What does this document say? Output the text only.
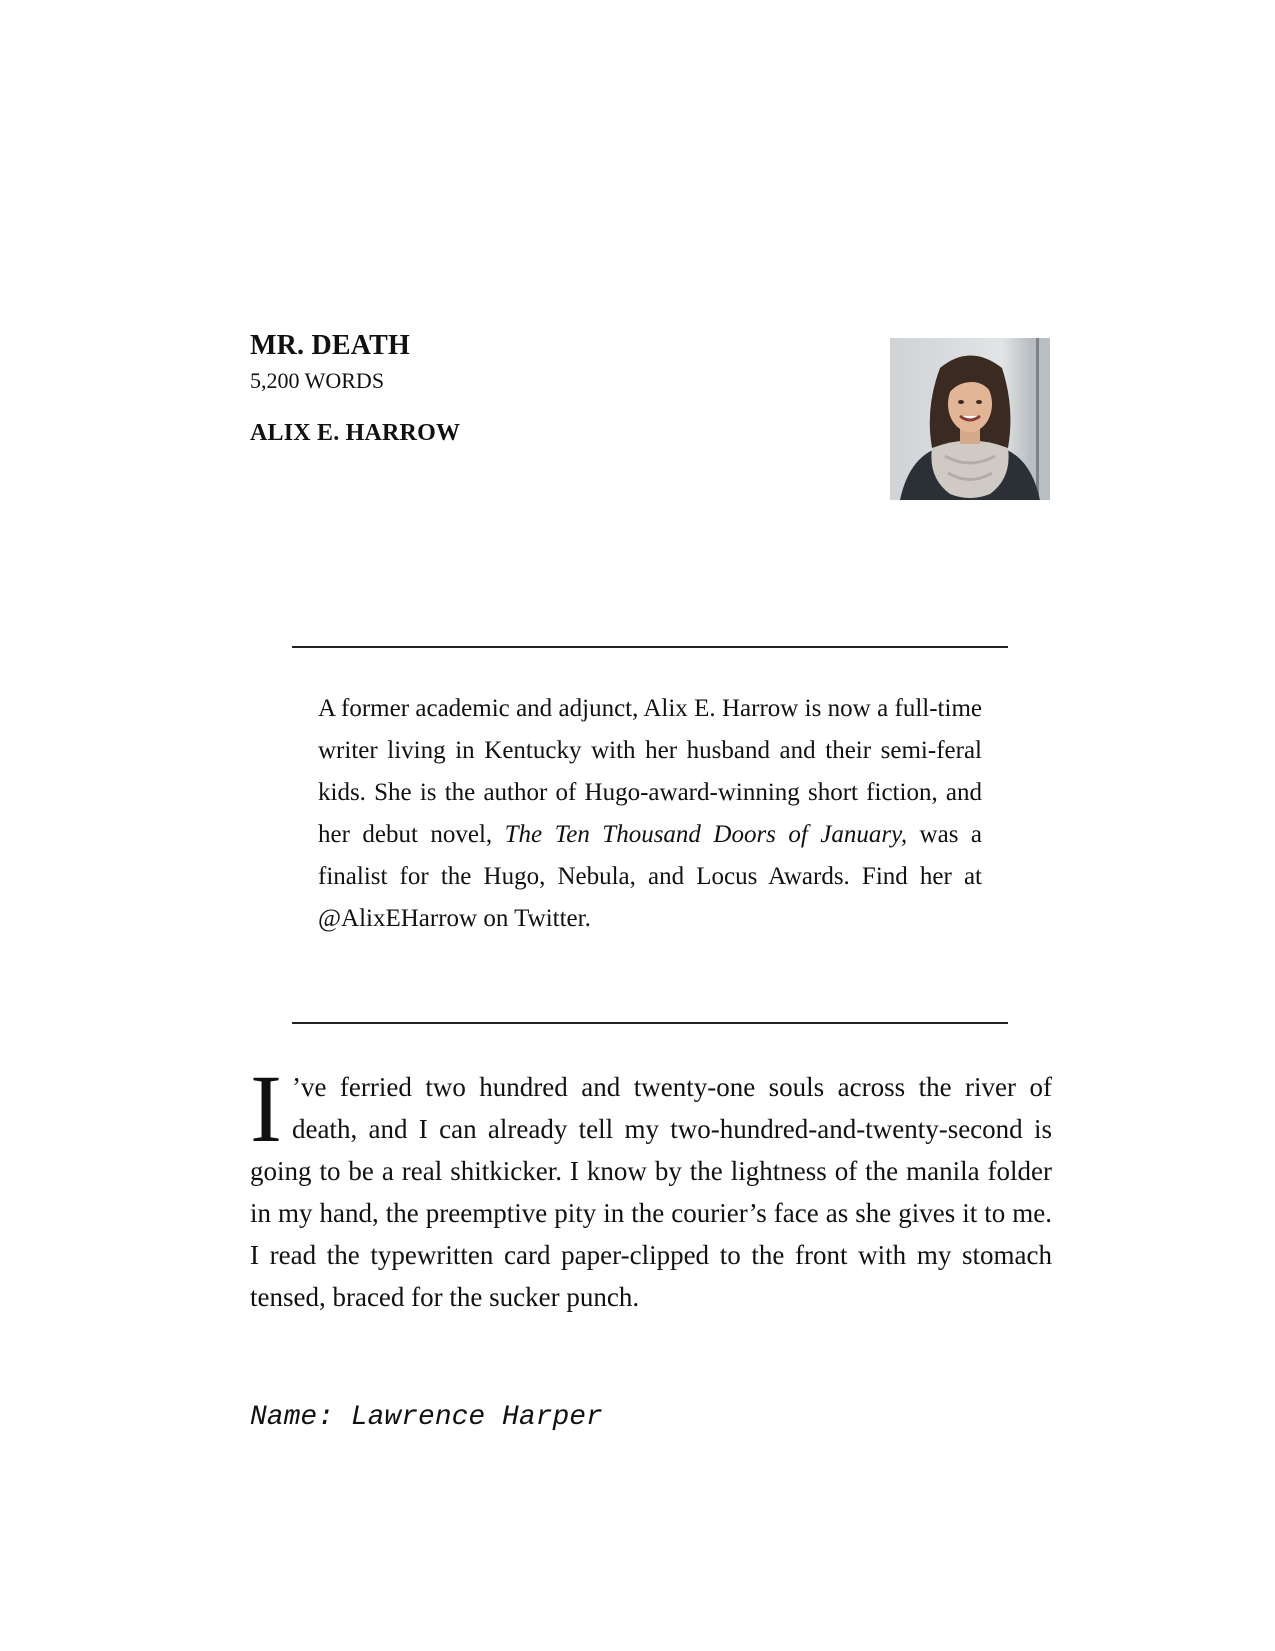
MR. DEATH
5,200 WORDS
ALIX E. HARROW
A former academic and adjunct, Alix E. Harrow is now a full-time writer living in Kentucky with her husband and their semi-feral kids. She is the author of Hugo-award-winning short fiction, and her debut novel, The Ten Thousand Doors of January, was a finalist for the Hugo, Nebula, and Locus Awards. Find her at @AlixEHarrow on Twitter.
I ’ve ferried two hundred and twenty-one souls across the river of death, and I can already tell my two-hundred-and-twenty-second is going to be a real shitkicker. I know by the lightness of the manila folder in my hand, the preemptive pity in the courier’s face as she gives it to me. I read the typewritten card paper-clipped to the front with my stomach tensed, braced for the sucker punch.
Name: Lawrence Harper
